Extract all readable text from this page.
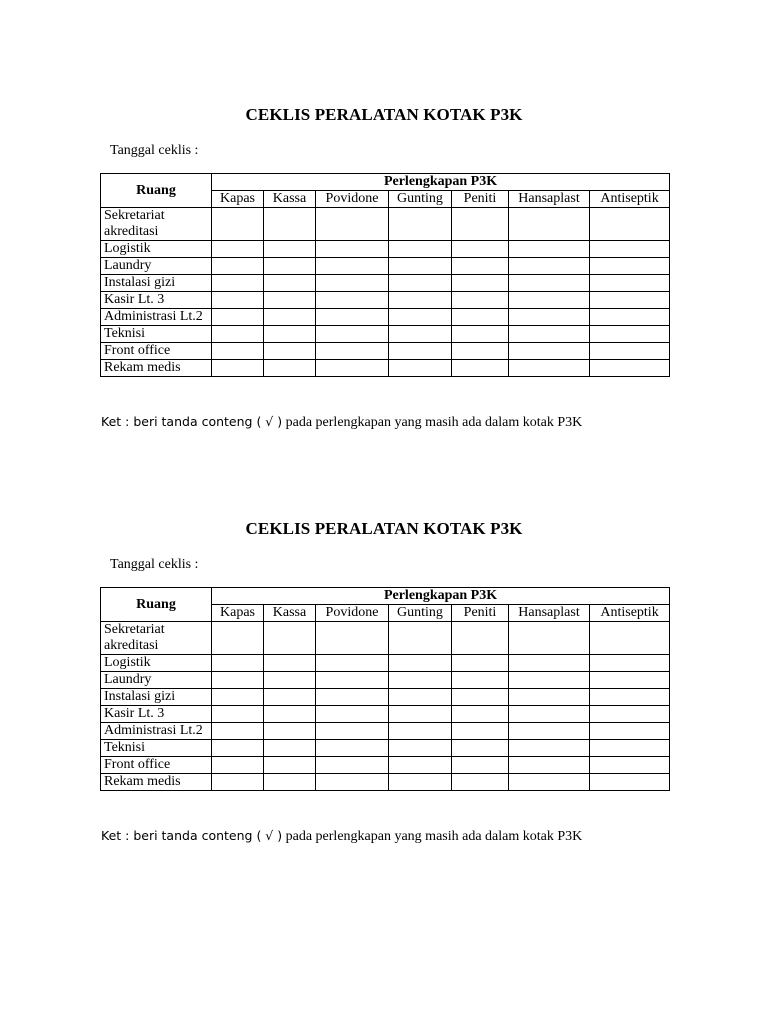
CEKLIS PERALATAN KOTAK P3K
Tanggal ceklis :
Ruang	Perlengkapan P3K						
	Kapas	Kassa	Povidone	Gunting	Peniti	Hansaplast	Antiseptik
Sekretariat akreditasi							
Logistik							
Laundry							
Instalasi gizi							
Kasir Lt. 3							
Administrasi Lt.2							
Teknisi							
Front office							
Rekam medis							
Ket : beri tanda conteng ( √ ) pada perlengkapan yang masih ada dalam kotak P3K
CEKLIS PERALATAN KOTAK P3K
Tanggal ceklis :
Ruang	Perlengkapan P3K						
	Kapas	Kassa	Povidone	Gunting	Peniti	Hansaplast	Antiseptik
Sekretariat akreditasi							
Logistik							
Laundry							
Instalasi gizi							
Kasir Lt. 3							
Administrasi Lt.2							
Teknisi							
Front office							
Rekam medis							
Ket : beri tanda conteng ( √ ) pada perlengkapan yang masih ada dalam kotak P3K
